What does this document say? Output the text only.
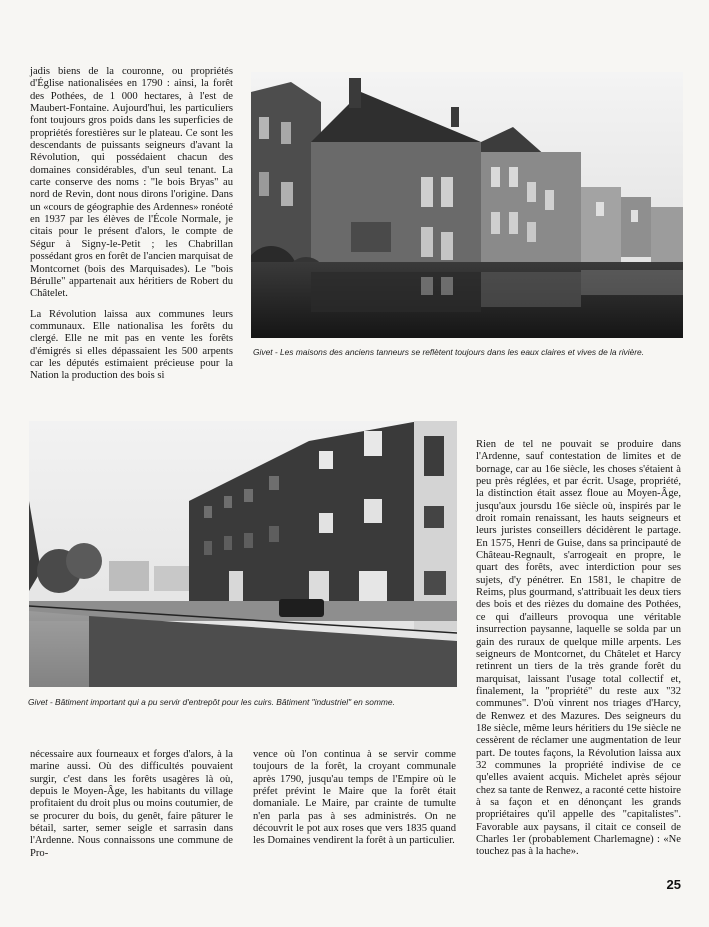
jadis biens de la couronne, ou propriétés d'Église nationalisées en 1790 : ainsi, la forêt des Pothées, de 1 000 hectares, à l'est de Maubert-Fontaine. Aujourd'hui, les particuliers font toujours gros poids dans les superficies de propriétés forestières sur le plateau. Ce sont les descendants de puissants seigneurs d'avant la Révolution, qui possédaient chacun des domaines considérables, d'un seul tenant. La carte conserve des noms : "le bois Bryas" au nord de Revin, dont nous dirons l'origine. Dans un «cours de géographie des Ardennes» ronéoté en 1937 par les élèves de l'École Normale, je citais pour le présent d'alors, le compte de Ségur à Signy-le-Petit ; les Chabrillan possédant gros en forêt de l'ancien marquisat de Montcornet (bois des Marquisades). Le "bois Bérulle" appartenait aux héritiers de Robert du Châtelet.

La Révolution laissa aux communes leurs communaux. Elle nationalisa les forêts du clergé. Elle ne mit pas en vente les forêts d'émigrés si elles dépassaient les 500 arpents car les députés estimaient précieuse pour la Nation la production des bois si

Givet - Les maisons des anciens tanneurs se reflètent toujours dans les eaux claires et vives de la rivière.
Givet - Bâtiment important qui a pu servir d'entrepôt pour les cuirs. Bâtiment "industriel" en somme.

Rien de tel ne pouvait se produire dans l'Ardenne, sauf contestation de limites et de bornage, car au 16e siècle, les choses s'étaient à peu près réglées, et par écrit. Usage, propriété, la distinction était assez floue au Moyen-Âge, jusqu'aux joursdu 16e siècle où, inspirés par le droit romain renaissant, les hauts seigneurs et leurs juristes conseillers décidèrent le partage. En 1575, Henri de Guise, dans sa principauté de Château-Regnault, s'arrogeait en propre, le quart des forêts, avec interdiction pour ses sujets, d'y pénétrer. En 1581, le chapitre de Reims, plus gourmand, s'attribuait les deux tiers des bois et des rièzes du domaine des Pothées, ce qui d'ailleurs provoqua une véritable insurrection paysanne, laquelle se solda par un gain des ruraux de quelque mille arpents. Les seigneurs de Montcornet, du Châtelet et Harcy retinrent un tiers de la très grande forêt du marquisat, laissant l'usage total collectif et, finalement, la "propriété" du reste aux "32 communes". D'où vinrent nos triages d'Harcy, de Renwez et des Mazures. Des seigneurs du 18e siècle, même leurs héritiers du 19e siècle ne cessèrent de réclamer une augmentation de leur part. De toutes façons, la Révolution laissa aux 32 communes la propriété indivise de ce qu'elles avaient acquis. Michelet après séjour chez sa tante de Renwez, a raconté cette histoire à sa façon et en dénonçant les grands propriétaires qu'il appelle des "capitalistes". Favorable aux paysans, il citait ce conseil de Charles 1er (probablement Charlemagne) : «Ne touchez pas à la hache».

nécessaire aux fourneaux et forges d'alors, à la marine aussi. Où des difficultés pouvaient surgir, c'est dans les forêts usagères là où, depuis le Moyen-Âge, les habitants du village profitaient du droit plus ou moins coutumier, de se procurer du bois, du genêt, faire pâturer le bétail, sarter, semer seigle et sarrasin dans l'Ardenne. Nous connaissons une commune de Pro-

vence où l'on continua à se servir comme toujours de la forêt, la croyant communale après 1790, jusqu'au temps de l'Empire où le préfet prévint le Maire que la forêt était domaniale. Le Maire, par crainte de tumulte n'en parla pas à ses administrés. On ne découvrit le pot aux roses que vers 1835 quand les Domaines vendirent la forêt à un particulier.

25
